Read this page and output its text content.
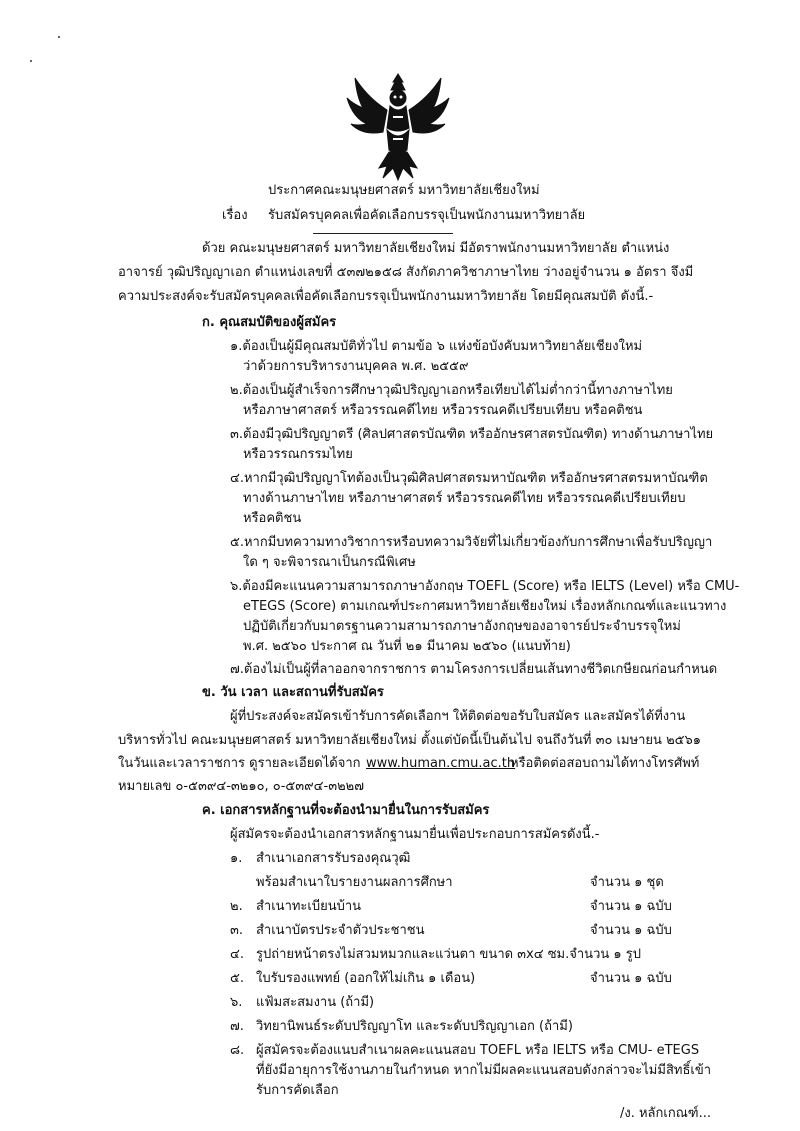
ประกาศคณะมนุษยศาสตร์ มหาวิทยาลัยเชียงใหม่
เรื่อง รับสมัครบุคคลเพื่อคัดเลือกบรรจุเป็นพนักงานมหาวิทยาลัย
ด้วย คณะมนุษยศาสตร์ มหาวิทยาลัยเชียงใหม่ มีอัตราพนักงานมหาวิทยาลัย ตำแหน่ง
อาจารย์ วุฒิปริญญาเอก ตำแหน่งเลขที่ ๕๓๗๒๑๕๘ สังกัดภาควิชาภาษาไทย ว่างอยู่จำนวน ๑ อัตรา จึงมี
ความประสงค์จะรับสมัครบุคคลเพื่อคัดเลือกบรรจุเป็นพนักงานมหาวิทยาลัย โดยมีคุณสมบัติ ดังนี้.-
ก. คุณสมบัติของผู้สมัคร
๑.ต้องเป็นผู้มีคุณสมบัติทั่วไป ตามข้อ ๖ แห่งข้อบังคับมหาวิทยาลัยเชียงใหม่
ว่าด้วยการบริหารงานบุคคล พ.ศ. ๒๕๕๙
๒.ต้องเป็นผู้สำเร็จการศึกษาวุฒิปริญญาเอกหรือเทียบได้ไม่ต่ำกว่านี้ทางภาษาไทย
หรือภาษาศาสตร์ หรือวรรณคดีไทย หรือวรรณคดีเปรียบเทียบ หรือคติชน
๓.ต้องมีวุฒิปริญญาตรี (ศิลปศาสตรบัณฑิต หรืออักษรศาสตรบัณฑิต) ทางด้านภาษาไทย
หรือวรรณกรรมไทย
๔.หากมีวุฒิปริญญาโทต้องเป็นวุฒิศิลปศาสตรมหาบัณฑิต หรืออักษรศาสตรมหาบัณฑิต
ทางด้านภาษาไทย หรือภาษาศาสตร์ หรือวรรณคดีไทย หรือวรรณคดีเปรียบเทียบ
หรือคติชน
๕.หากมีบทความทางวิชาการหรือบทความวิจัยที่ไม่เกี่ยวข้องกับการศึกษาเพื่อรับปริญญา
ใด ๆ จะพิจารณาเป็นกรณีพิเศษ
๖.ต้องมีคะแนนความสามารถภาษาอังกฤษ TOEFL (Score) หรือ IELTS (Level) หรือ CMU-
eTEGS (Score) ตามเกณฑ์ประกาศมหาวิทยาลัยเชียงใหม่ เรื่องหลักเกณฑ์และแนวทาง
ปฏิบัติเกี่ยวกับมาตรฐานความสามารถภาษาอังกฤษของอาจารย์ประจำบรรจุใหม่
พ.ศ. ๒๕๖๐ ประกาศ ณ วันที่ ๒๑ มีนาคม ๒๕๖๐ (แนบท้าย)
๗.ต้องไม่เป็นผู้ที่ลาออกจากราชการ ตามโครงการเปลี่ยนเส้นทางชีวิตเกษียณก่อนกำหนด
ข. วัน เวลา และสถานที่รับสมัคร
ผู้ที่ประสงค์จะสมัครเข้ารับการคัดเลือกฯ ให้ติดต่อขอรับใบสมัคร และสมัครได้ที่งาน
บริหารทั่วไป คณะมนุษยศาสตร์ มหาวิทยาลัยเชียงใหม่ ตั้งแต่บัดนี้เป็นต้นไป จนถึงวันที่ ๓๐ เมษายน ๒๕๖๑
ในวันและเวลาราชการ ดูรายละเอียดได้จาก www.human.cmu.ac.th
หรือติดต่อสอบถามได้ทางโทรศัพท์
หมายเลข ๐-๕๓๙๔-๓๒๑๐, ๐-๕๓๙๔-๓๒๒๗
ค. เอกสารหลักฐานที่จะต้องนำมายื่นในการรับสมัคร
ผู้สมัครจะต้องนำเอกสารหลักฐานมายื่นเพื่อประกอบการสมัครดังนี้.-
๑. สำเนาเอกสารรับรองคุณวุฒิ
พร้อมสำเนาใบรายงานผลการศึกษา	จำนวน ๑ ชุด
๒. สำเนาทะเบียนบ้าน	จำนวน ๑ ฉบับ
๓. สำเนาบัตรประจำตัวประชาชน	จำนวน ๑ ฉบับ
๔. รูปถ่ายหน้าตรงไม่สวมหมวกและแว่นตา ขนาด ๓x๔ ซม.จำนวน ๑ รูป
๕. ใบรับรองแพทย์ (ออกให้ไม่เกิน ๑ เดือน)	จำนวน ๑ ฉบับ
๖. แฟ้มสะสมงาน (ถ้ามี)
๗. วิทยานิพนธ์ระดับปริญญาโท และระดับปริญญาเอก (ถ้ามี)
๘. ผู้สมัครจะต้องแนบสำเนาผลคะแนนสอบ TOEFL หรือ IELTS หรือ CMU- eTEGS
ที่ยังมีอายุการใช้งานภายในกำหนด หากไม่มีผลคะแนนสอบดังกล่าวจะไม่มีสิทธิ์เข้า
รับการคัดเลือก
/ง. หลักเกณฑ์...
